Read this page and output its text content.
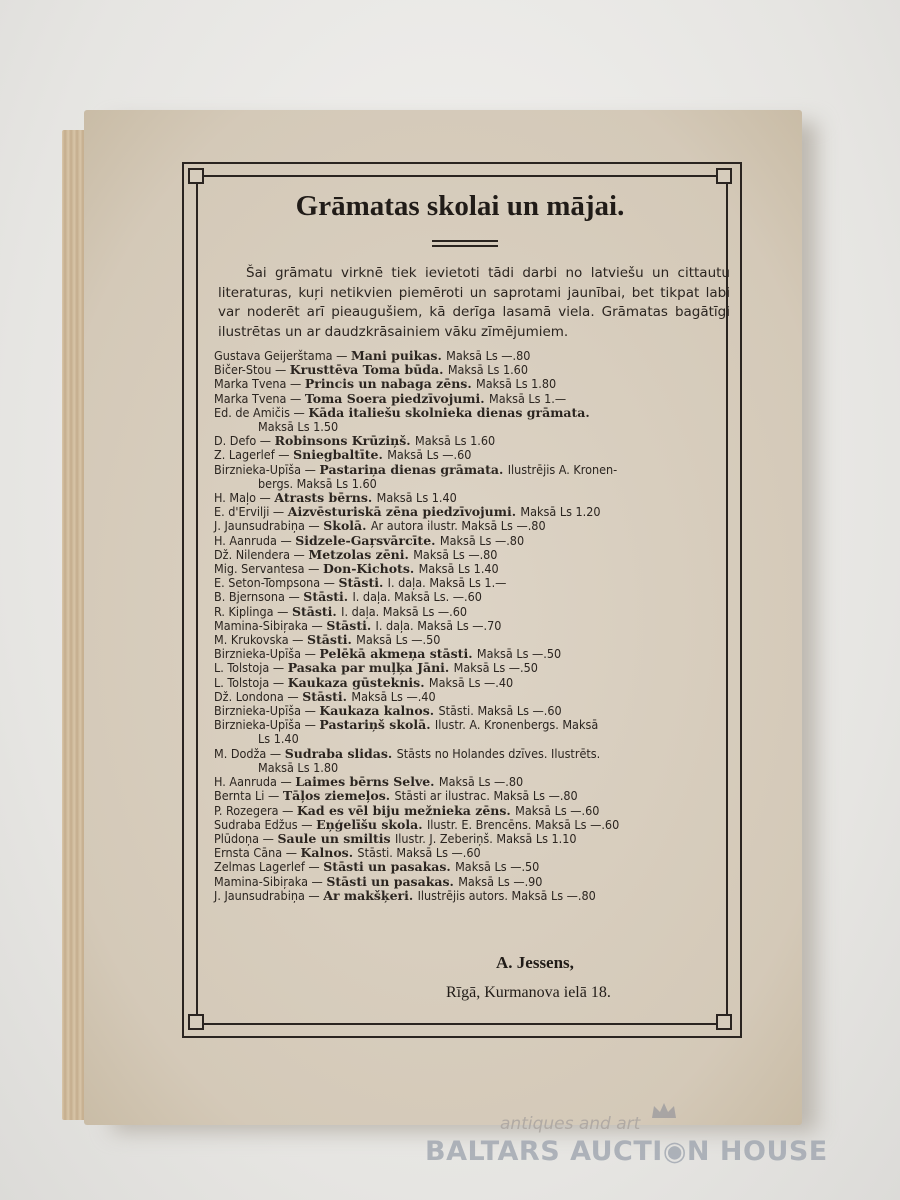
Grāmatas skolai un mājai.
Šai grāmatu virknē tiek ievietoti tādi darbi no latviešu un cittautu literaturas, kuŗi netikvien piemēroti un saprotami jaunībai, bet tikpat labi var noderēt arī pieaugušiem, kā derīga lasamā viela. Grāmatas bagātīgi ilustrētas un ar daudzkrāsainiem vāku zīmējumiem.
Gustava Geijerštama — Mani puikas. Maksā Ls —.80
Bičer-Stou — Krusttēva Toma būda. Maksā Ls 1.60
Marka Tvena — Princis un nabaga zēns. Maksā Ls 1.80
Marka Tvena — Toma Soera piedzīvojumi. Maksā Ls 1.—
Ed. de Amičis — Kāda italiešu skolnieka dienas grāmata.
Maksā Ls 1.50
D. Defo — Robinsons Krūziņš. Maksā Ls 1.60
Z. Lagerlef — Sniegbaltīte. Maksā Ls —.60
Birznieka-Upīša — Pastariņa dienas grāmata. Ilustrējis A. Kronen-
bergs. Maksā Ls 1.60
H. Maļo — Atrasts bērns. Maksā Ls 1.40
E. d'Ervilji — Aizvēsturiskā zēna piedzīvojumi. Maksā Ls 1.20
J. Jaunsudrabiņa — Skolā. Ar autora ilustr. Maksā Ls —.80
H. Aanruda — Sidzele-Gaŗsvārcīte. Maksā Ls —.80
Dž. Nilendera — Metzolas zēni. Maksā Ls —.80
Mig. Servantesa — Don-Kichots. Maksā Ls 1.40
E. Seton-Tompsona — Stāsti. I. daļa. Maksā Ls 1.—
B. Bjernsona — Stāsti. I. daļa. Maksā Ls. —.60
R. Kiplinga — Stāsti. I. daļa. Maksā Ls —.60
Mamina-Sibiŗaka — Stāsti. I. daļa. Maksā Ls —.70
M. Krukovska — Stāsti. Maksā Ls —.50
Birznieka-Upīša — Pelēkā akmeņa stāsti. Maksā Ls —.50
L. Tolstoja — Pasaka par muļķa Jāni. Maksā Ls —.50
L. Tolstoja — Kaukaza gūsteknis. Maksā Ls —.40
Dž. Londona — Stāsti. Maksā Ls —.40
Birznieka-Upīša — Kaukaza kalnos. Stāsti. Maksā Ls —.60
Birznieka-Upīša — Pastariņš skolā. Ilustr. A. Kronenbergs. Maksā
Ls 1.40
M. Dodža — Sudraba slidas. Stāsts no Holandes dzīves. Ilustrēts.
Maksā Ls 1.80
H. Aanruda — Laimes bērns Selve. Maksā Ls —.80
Bernta Li — Tāļos ziemeļos. Stāsti ar ilustrac. Maksā Ls —.80
P. Rozegera — Kad es vēl biju mežnieka zēns. Maksā Ls —.60
Sudraba Edžus — Eņģelīšu skola. Ilustr. E. Brencēns. Maksā Ls —.60
Plūdoņa — Saule un smiltis Ilustr. J. Zeberiņš. Maksā Ls 1.10
Ernsta Cāna — Kalnos. Stāsti. Maksā Ls —.60
Zelmas Lagerlef — Stāsti un pasakas. Maksā Ls —.50
Mamina-Sibiŗaka — Stāsti un pasakas. Maksā Ls —.90
J. Jaunsudrabiņa — Ar makšķeri. Ilustrējis autors. Maksā Ls —.80
A. Jessens,
Rīgā, Kurmanova ielā 18.
antiques and art
BALTARS AUCTI◉N HOUSE
